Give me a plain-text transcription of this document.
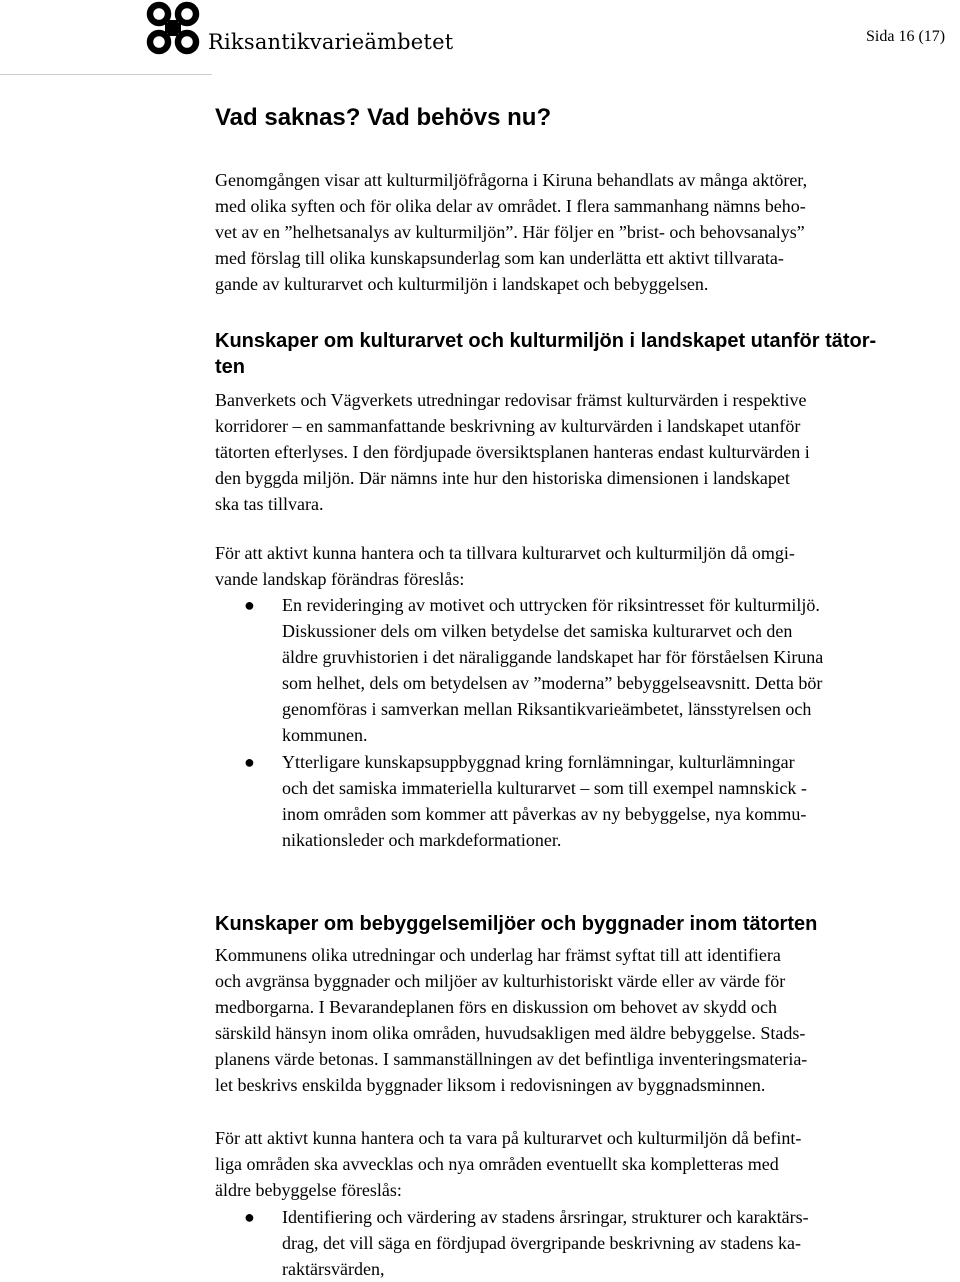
Riksantikvarieämbetet	Sida 16 (17)
Vad saknas? Vad behövs nu?

Genomgången visar att kulturmiljöfrågorna i Kiruna behandlats av många aktörer,
med olika syften och för olika delar av området. I flera sammanhang nämns beho-
vet av en ”helhetsanalys av kulturmiljön”. Här följer en ”brist- och behovsanalys”
med förslag till olika kunskapsunderlag som kan underlätta ett aktivt tillvarata-
gande av kulturarvet och kulturmiljön i landskapet och bebyggelsen.

Kunskaper om kulturarvet och kulturmiljön i landskapet utanför tätor-
ten

Banverkets och Vägverkets utredningar redovisar främst kulturvärden i respektive
korridorer – en sammanfattande beskrivning av kulturvärden i landskapet utanför
tätorten efterlyses. I den fördjupade översiktsplanen hanteras endast kulturvärden i
den byggda miljön. Där nämns inte hur den historiska dimensionen i landskapet
ska tas tillvara.

För att aktivt kunna hantera och ta tillvara kulturarvet och kulturmiljön då omgi-
vande landskap förändras föreslås:

● En revideringing av motivet och uttrycken för riksintresset för kulturmiljö.
Diskussioner dels om vilken betydelse det samiska kulturarvet och den
äldre gruvhistorien i det näraliggande landskapet har för förståelsen Kiruna
som helhet, dels om betydelsen av ”moderna” bebyggelseavsnitt. Detta bör
genomföras i samverkan mellan Riksantikvarieämbetet, länsstyrelsen och
kommunen.

● Ytterligare kunskapsuppbyggnad kring fornlämningar, kulturlämningar
och det samiska immateriella kulturarvet – som till exempel namnskick -
inom områden som kommer att påverkas av ny bebyggelse, nya kommu-
nikationsleder och markdeformationer.

Kunskaper om bebyggelsemiljöer och byggnader inom tätorten

Kommunens olika utredningar och underlag har främst syftat till att identifiera
och avgränsa byggnader och miljöer av kulturhistoriskt värde eller av värde för
medborgarna. I Bevarandeplanen förs en diskussion om behovet av skydd och
särskild hänsyn inom olika områden, huvudsakligen med äldre bebyggelse. Stads-
planens värde betonas. I sammanställningen av det befintliga inventeringsmateria-
let beskrivs enskilda byggnader liksom i redovisningen av byggnadsminnen.

För att aktivt kunna hantera och ta vara på kulturarvet och kulturmiljön då befint-
liga områden ska avvecklas och nya områden eventuellt ska kompletteras med
äldre bebyggelse föreslås:

● Identifiering och värdering av stadens årsringar, strukturer och karaktärs-
drag, det vill säga en fördjupad övergripande beskrivning av stadens ka-
raktärsvärden,
